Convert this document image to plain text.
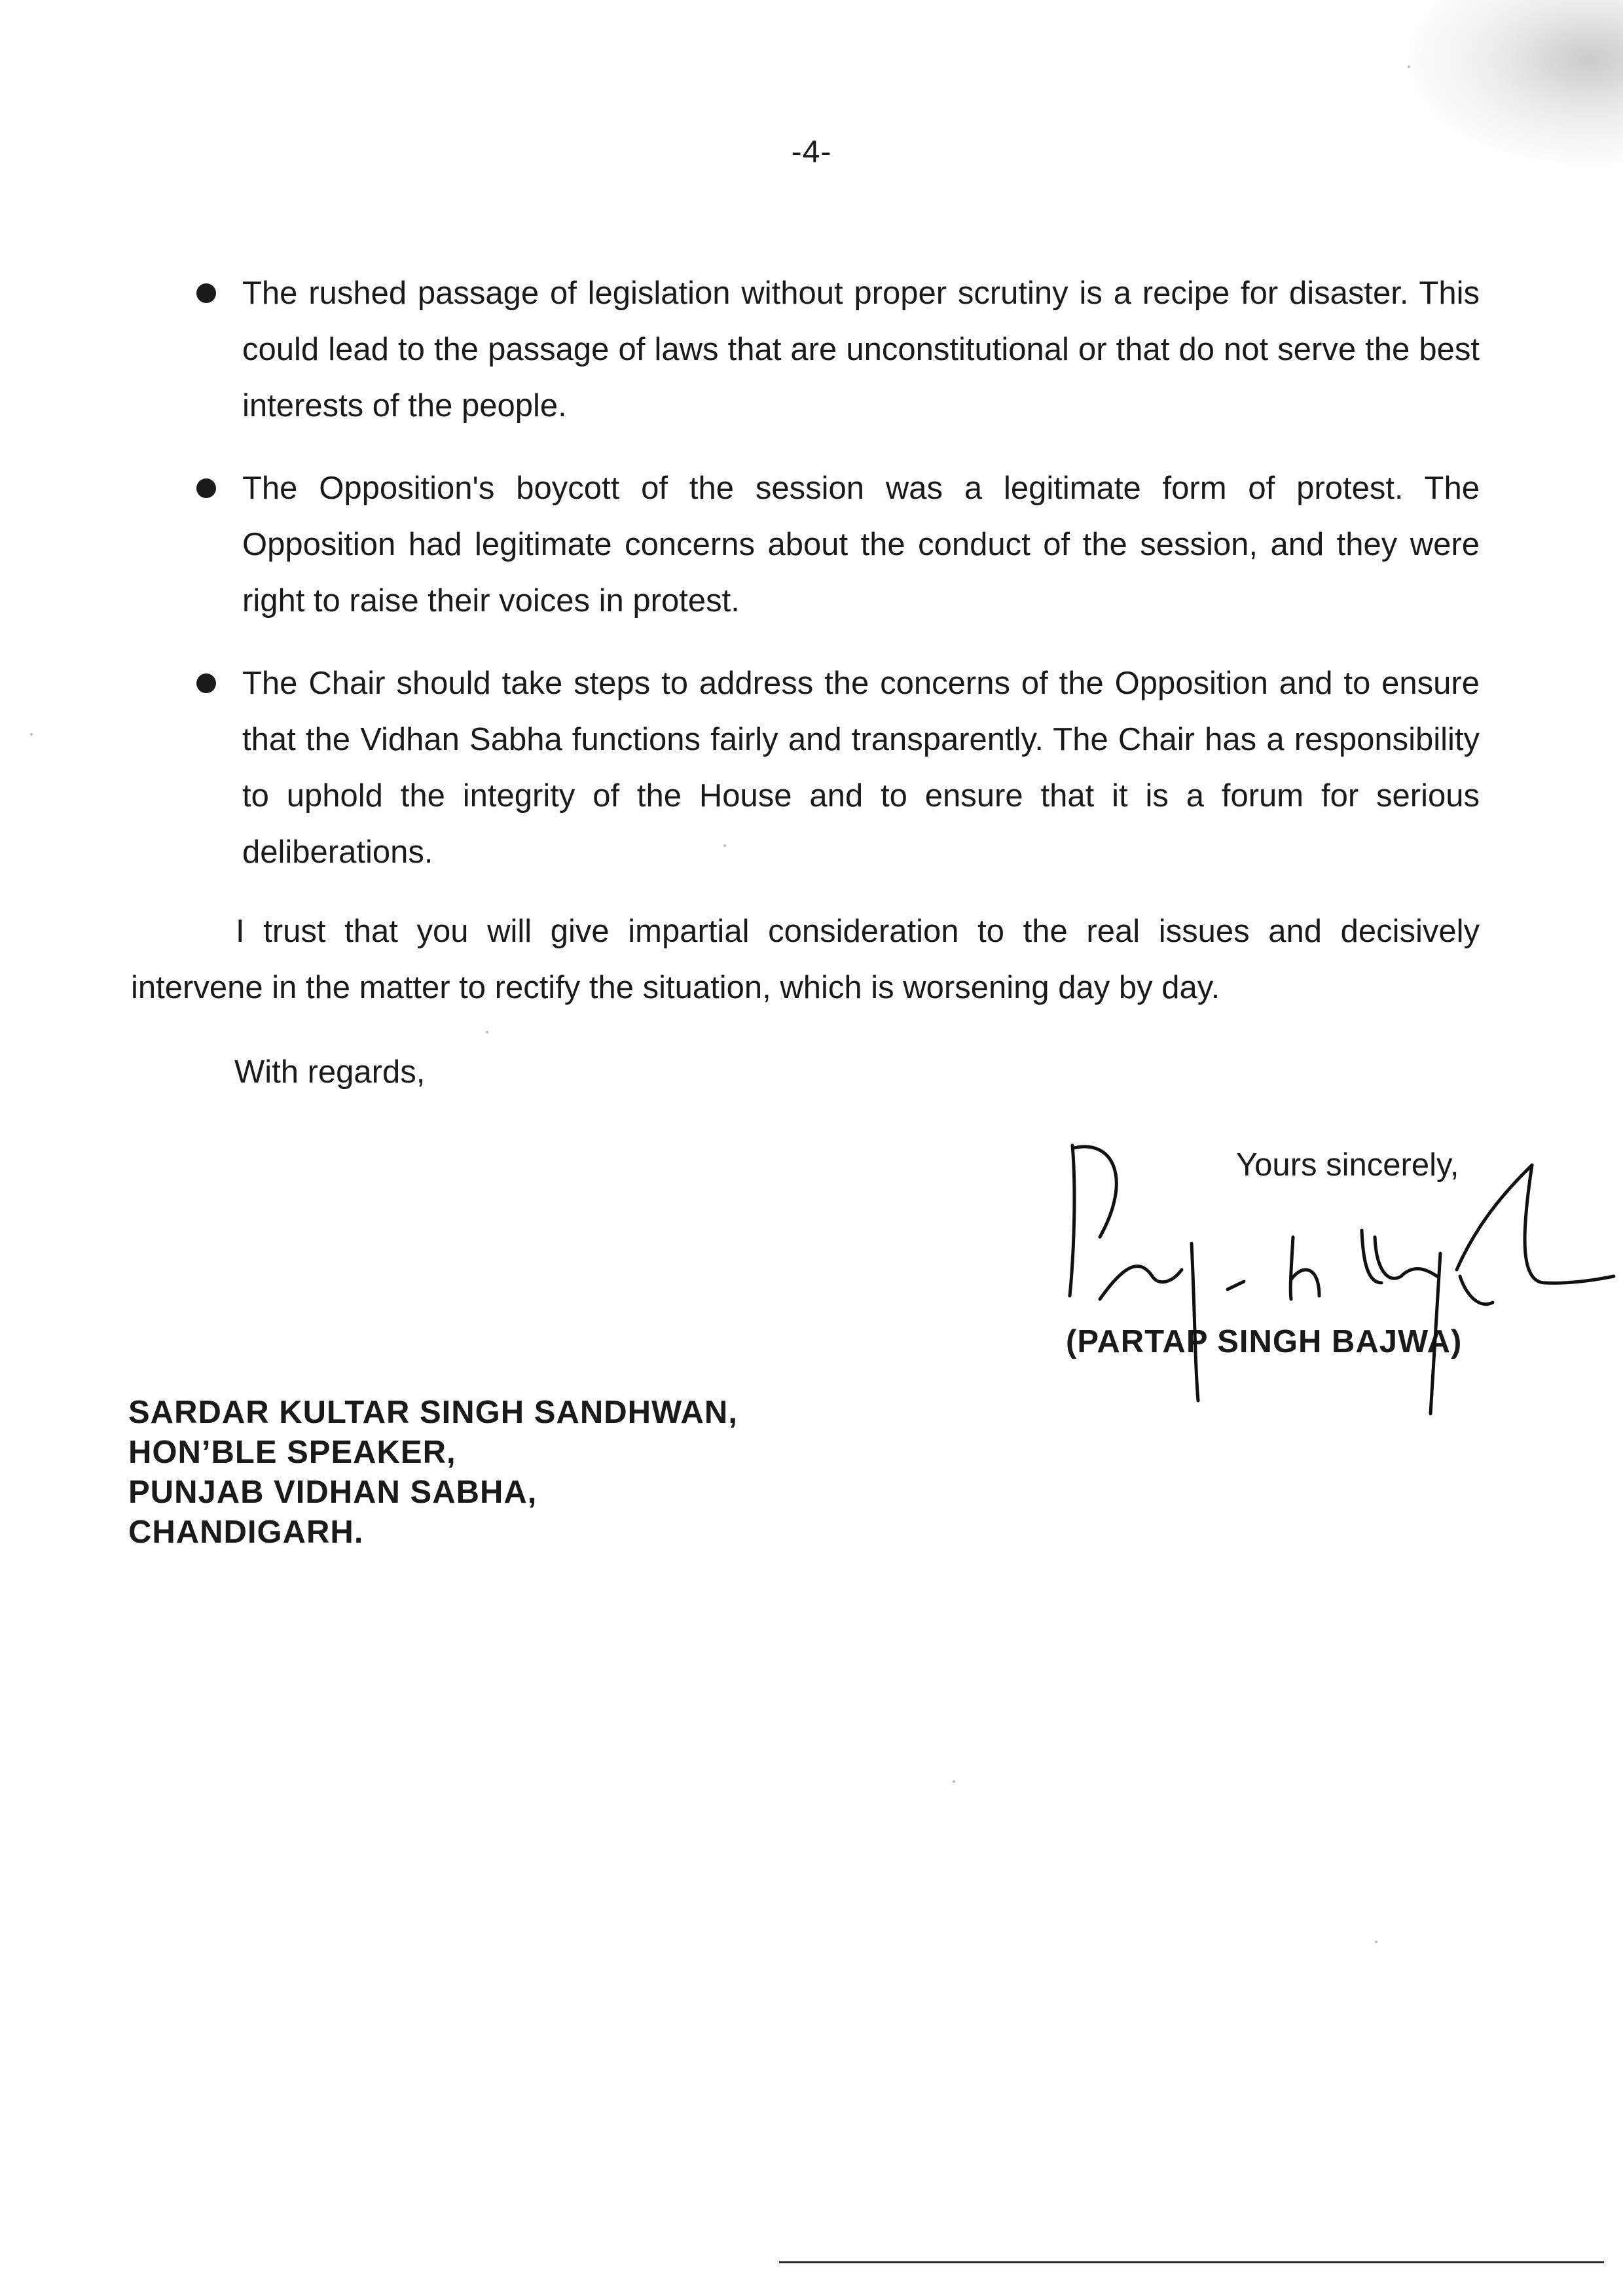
-4-
The rushed passage of legislation without proper scrutiny is a recipe for disaster. This could lead to the passage of laws that are unconstitutional or that do not serve the best interests of the people.
The Opposition's boycott of the session was a legitimate form of protest. The Opposition had legitimate concerns about the conduct of the session, and they were right to raise their voices in protest.
The Chair should take steps to address the concerns of the Opposition and to ensure that the Vidhan Sabha functions fairly and transparently. The Chair has a responsibility to uphold the integrity of the House and to ensure that it is a forum for serious deliberations.

I trust that you will give impartial consideration to the real issues and decisively intervene in the matter to rectify the situation, which is worsening day by day.

With regards,

Yours sincerely,

(PARTAP SINGH BAJWA)

SARDAR KULTAR SINGH SANDHWAN,
HON’BLE SPEAKER,
PUNJAB VIDHAN SABHA,
CHANDIGARH.
